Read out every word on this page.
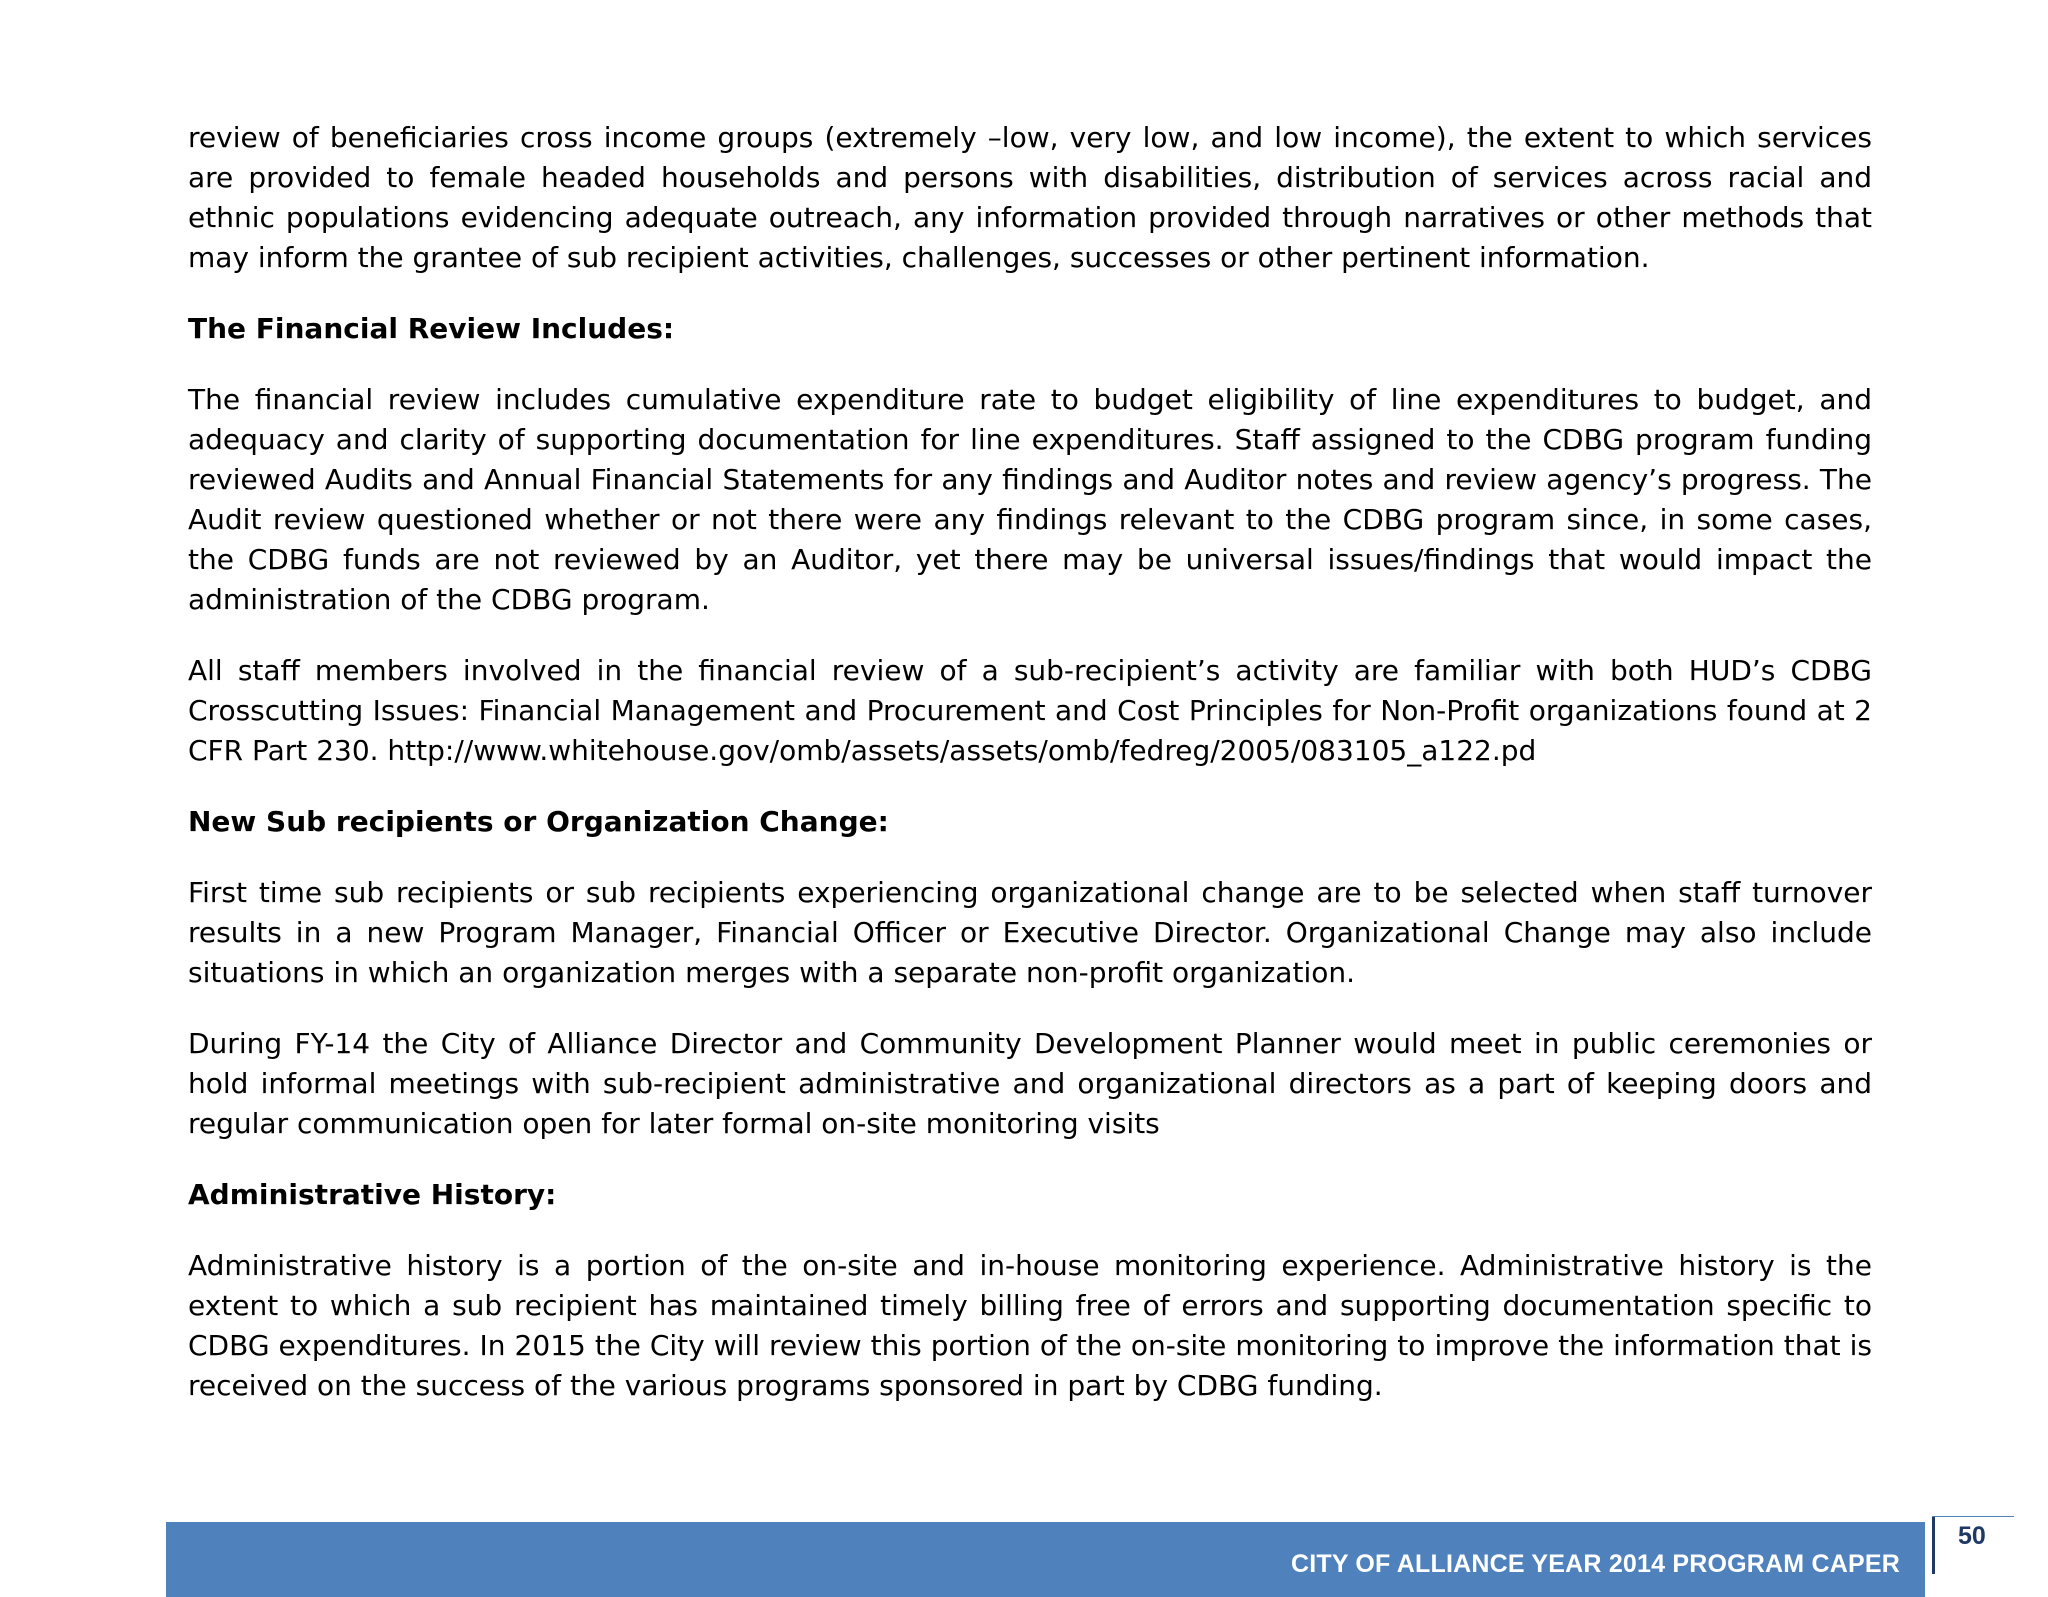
review of beneficiaries cross income groups (extremely –low, very low, and low income), the extent to which services are provided to female headed households and persons with disabilities, distribution of services across racial and ethnic populations evidencing adequate outreach, any information provided through narratives or other methods that may inform the grantee of sub recipient activities, challenges, successes or other pertinent information.

The Financial Review Includes:

The financial review includes cumulative expenditure rate to budget eligibility of line expenditures to budget, and adequacy and clarity of supporting documentation for line expenditures. Staff assigned to the CDBG program funding reviewed Audits and Annual Financial Statements for any findings and Auditor notes and review agency’s progress. The Audit review questioned whether or not there were any findings relevant to the CDBG program since, in some cases, the CDBG funds are not reviewed by an Auditor, yet there may be universal issues/findings that would impact the administration of the CDBG program.

All staff members involved in the financial review of a sub-recipient’s activity are familiar with both HUD’s CDBG Crosscutting Issues: Financial Management and Procurement and Cost Principles for Non-Profit organizations found at 2 CFR Part 230. http://www.whitehouse.gov/omb/assets/assets/omb/fedreg/2005/083105_a122.pd

New Sub recipients or Organization Change:

First time sub recipients or sub recipients experiencing organizational change are to be selected when staff turnover results in a new Program Manager, Financial Officer or Executive Director. Organizational Change may also include situations in which an organization merges with a separate non-profit organization.

During FY-14 the City of Alliance Director and Community Development Planner would meet in public ceremonies or hold informal meetings with sub-recipient administrative and organizational directors as a part of keeping doors and regular communication open for later formal on-site monitoring visits

Administrative History:

Administrative history is a portion of the on-site and in-house monitoring experience. Administrative history is the extent to which a sub recipient has maintained timely billing free of errors and supporting documentation specific to CDBG expenditures. In 2015 the City will review this portion of the on-site monitoring to improve the information that is received on the success of the various programs sponsored in part by CDBG funding.

CITY OF ALLIANCE YEAR 2014 PROGRAM CAPER
50
